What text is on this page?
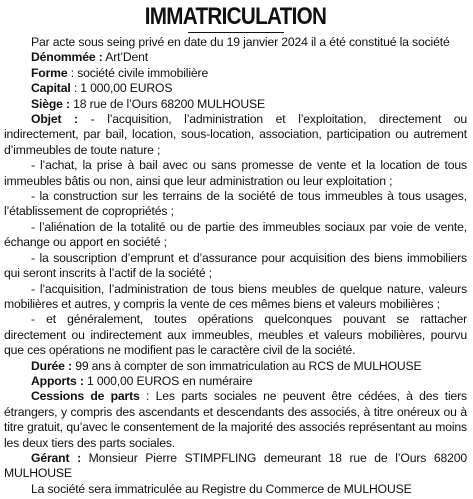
IMMATRICULATION

Par acte sous seing privé en date du 19 janvier 2024 il a été constitué la société

Dénommée : Art’Dent

Forme : société civile immobilière

Capital : 1 000,00 EUROS

Siège : 18 rue de l’Ours 68200 MULHOUSE

Objet : - l’acquisition, l’administration et l’exploitation, directement ou indirectement, par bail, location, sous-location, association, participation ou autrement d’immeubles de toute nature ;

- l’achat, la prise à bail avec ou sans promesse de vente et la location de tous immeubles bâtis ou non, ainsi que leur administration ou leur exploitation ;

- la construction sur les terrains de la société de tous immeubles à tous usages, l’établissement de copropriétés ;

- l’aliénation de la totalité ou de partie des immeubles sociaux par voie de vente, échange ou apport en société ;

- la souscription d’emprunt et d’assurance pour acquisition des biens immobiliers qui seront inscrits à l’actif de la société ;

- l’acquisition, l’administration de tous biens meubles de quelque nature, valeurs mobilières et autres, y compris la vente de ces mêmes biens et valeurs mobilières ;

- et généralement, toutes opérations quelconques pouvant se rattacher directement ou indirectement aux immeubles, meubles et valeurs mobilières, pourvu que ces opérations ne modifient pas le caractère civil de la société.

Durée : 99 ans à compter de son immatriculation au RCS de MULHOUSE

Apports : 1 000,00 EUROS en numéraire

Cessions de parts : Les parts sociales ne peuvent être cédées, à des tiers étrangers, y compris des ascendants et descendants des associés, à titre onéreux ou à titre gratuit, qu’avec le consentement de la majorité des associés représentant au moins les deux tiers des parts sociales.

Gérant : Monsieur Pierre STIMPFLING demeurant 18 rue de l’Ours 68200 MULHOUSE

La société sera immatriculée au Registre du Commerce de MULHOUSE
